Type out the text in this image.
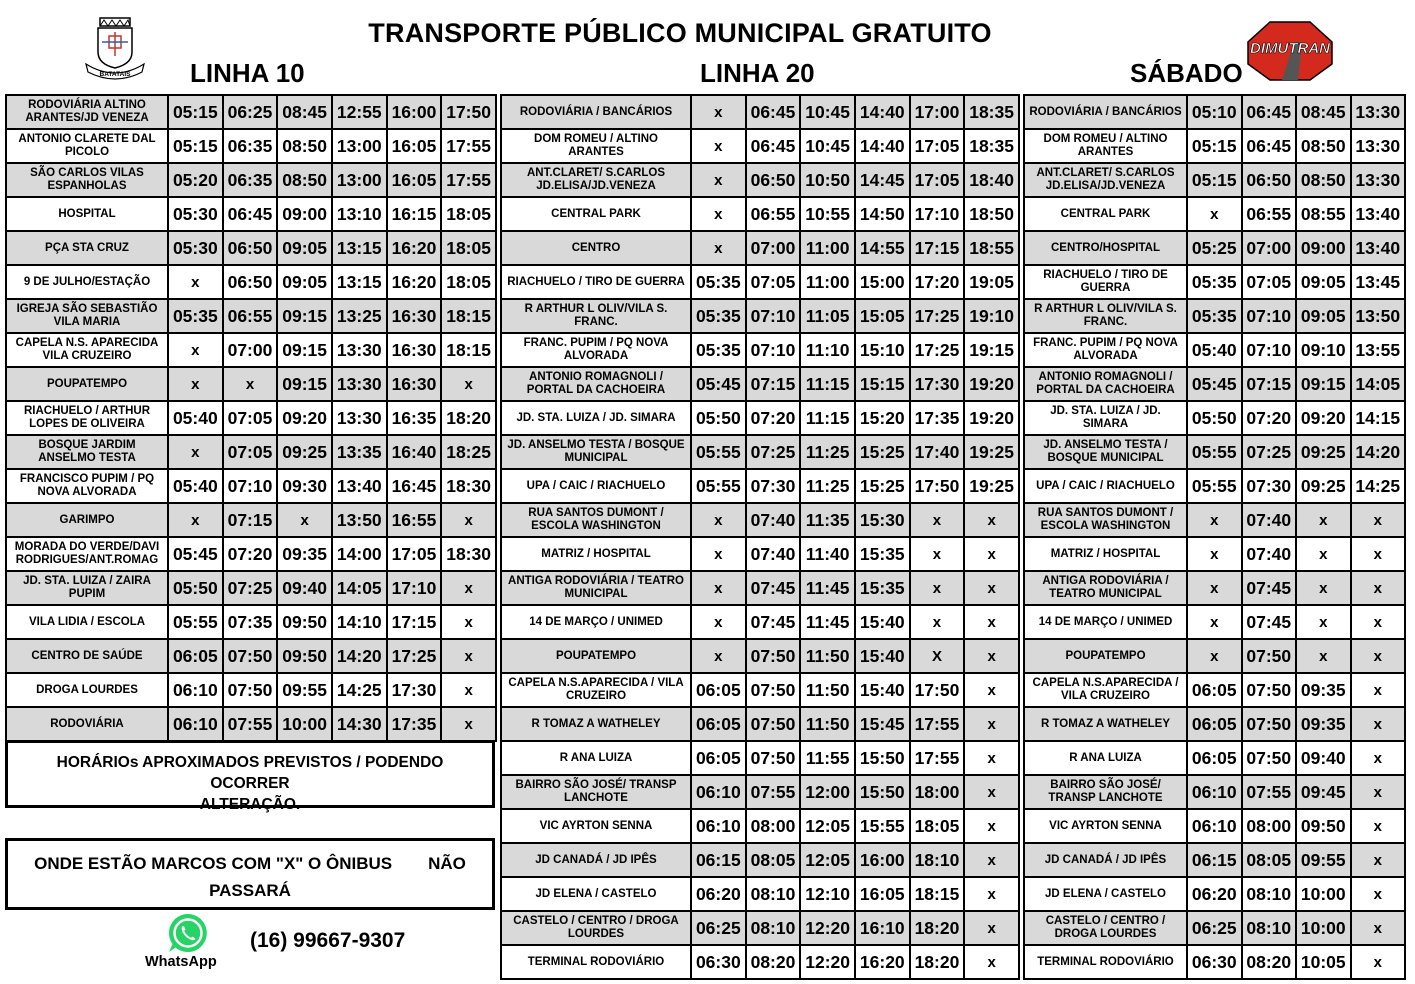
TRANSPORTE PÚBLICO MUNICIPAL GRATUITO
LINHA 10	LINHA 20	SÁBADO
BATATAIS
DIMUTRAN
RODOVIÁRIA ALTINO ARANTES/JD VENEZA	05:15	06:25	08:45	12:55	16:00	17:50
ANTONIO CLARETE DAL PICOLO	05:15	06:35	08:50	13:00	16:05	17:55
SÃO CARLOS VILAS ESPANHOLAS	05:20	06:35	08:50	13:00	16:05	17:55
HOSPITAL	05:30	06:45	09:00	13:10	16:15	18:05
PÇA STA CRUZ	05:30	06:50	09:05	13:15	16:20	18:05
9 DE JULHO/ESTAÇÃO	x	06:50	09:05	13:15	16:20	18:05
IGREJA SÃO SEBASTIÃO VILA MARIA	05:35	06:55	09:15	13:25	16:30	18:15
CAPELA N.S. APARECIDA VILA CRUZEIRO	x	07:00	09:15	13:30	16:30	18:15
POUPATEMPO	x	x	09:15	13:30	16:30	x
RIACHUELO / ARTHUR LOPES DE OLIVEIRA	05:40	07:05	09:20	13:30	16:35	18:20
BOSQUE JARDIM ANSELMO TESTA	x	07:05	09:25	13:35	16:40	18:25
FRANCISCO PUPIM / PQ NOVA ALVORADA	05:40	07:10	09:30	13:40	16:45	18:30
GARIMPO	x	07:15	x	13:50	16:55	x
MORADA DO VERDE/DAVI RODRIGUES/ANT.ROMAG	05:45	07:20	09:35	14:00	17:05	18:30
JD. STA. LUIZA / ZAIRA PUPIM	05:50	07:25	09:40	14:05	17:10	x
VILA LIDIA / ESCOLA	05:55	07:35	09:50	14:10	17:15	x
CENTRO DE SAÚDE	06:05	07:50	09:50	14:20	17:25	x
DROGA LOURDES	06:10	07:50	09:55	14:25	17:30	x
RODOVIÁRIA	06:10	07:55	10:00	14:30	17:35	x
RODOVIÁRIA / BANCÁRIOS	x	06:45	10:45	14:40	17:00	18:35
DOM ROMEU / ALTINO ARANTES	x	06:45	10:45	14:40	17:05	18:35
ANT.CLARET/ S.CARLOS JD.ELISA/JD.VENEZA	x	06:50	10:50	14:45	17:05	18:40
CENTRAL PARK	x	06:55	10:55	14:50	17:10	18:50
CENTRO	x	07:00	11:00	14:55	17:15	18:55
RIACHUELO / TIRO DE GUERRA	05:35	07:05	11:00	15:00	17:20	19:05
R ARTHUR L OLIV/VILA S. FRANC.	05:35	07:10	11:05	15:05	17:25	19:10
FRANC. PUPIM / PQ NOVA ALVORADA	05:35	07:10	11:10	15:10	17:25	19:15
ANTONIO ROMAGNOLI / PORTAL DA CACHOEIRA	05:45	07:15	11:15	15:15	17:30	19:20
JD. STA. LUIZA / JD. SIMARA	05:50	07:20	11:15	15:20	17:35	19:20
JD. ANSELMO TESTA / BOSQUE MUNICIPAL	05:55	07:25	11:25	15:25	17:40	19:25
UPA / CAIC / RIACHUELO	05:55	07:30	11:25	15:25	17:50	19:25
RUA SANTOS DUMONT / ESCOLA WASHINGTON	x	07:40	11:35	15:30	x	x
MATRIZ / HOSPITAL	x	07:40	11:40	15:35	x	x
ANTIGA RODOVIÁRIA / TEATRO MUNICIPAL	x	07:45	11:45	15:35	x	x
14 DE MARÇO / UNIMED	x	07:45	11:45	15:40	x	x
POUPATEMPO	x	07:50	11:50	15:40	X	x
CAPELA N.S.APARECIDA / VILA CRUZEIRO	06:05	07:50	11:50	15:40	17:50	x
R TOMAZ A WATHELEY	06:05	07:50	11:50	15:45	17:55	x
R ANA LUIZA	06:05	07:50	11:55	15:50	17:55	x
BAIRRO SÃO JOSÉ/ TRANSP LANCHOTE	06:10	07:55	12:00	15:50	18:00	x
VIC AYRTON SENNA	06:10	08:00	12:05	15:55	18:05	x
JD CANADÁ / JD IPÊS	06:15	08:05	12:05	16:00	18:10	x
JD ELENA / CASTELO	06:20	08:10	12:10	16:05	18:15	x
CASTELO / CENTRO / DROGA LOURDES	06:25	08:10	12:20	16:10	18:20	x
TERMINAL RODOVIÁRIO	06:30	08:20	12:20	16:20	18:20	x
RODOVIÁRIA / BANCÁRIOS	05:10	06:45	08:45	13:30
DOM ROMEU / ALTINO ARANTES	05:15	06:45	08:50	13:30
ANT.CLARET/ S.CARLOS JD.ELISA/JD.VENEZA	05:15	06:50	08:50	13:30
CENTRAL PARK	x	06:55	08:55	13:40
CENTRO/HOSPITAL	05:25	07:00	09:00	13:40
RIACHUELO / TIRO DE GUERRA	05:35	07:05	09:05	13:45
R ARTHUR L OLIV/VILA S. FRANC.	05:35	07:10	09:05	13:50
FRANC. PUPIM / PQ NOVA ALVORADA	05:40	07:10	09:10	13:55
ANTONIO ROMAGNOLI / PORTAL DA CACHOEIRA	05:45	07:15	09:15	14:05
JD. STA. LUIZA / JD. SIMARA	05:50	07:20	09:20	14:15
JD. ANSELMO TESTA / BOSQUE MUNICIPAL	05:55	07:25	09:25	14:20
UPA / CAIC / RIACHUELO	05:55	07:30	09:25	14:25
RUA SANTOS DUMONT / ESCOLA WASHINGTON	x	07:40	x	x
MATRIZ / HOSPITAL	x	07:40	x	x
ANTIGA RODOVIÁRIA / TEATRO MUNICIPAL	x	07:45	x	x
14 DE MARÇO / UNIMED	x	07:45	x	x
POUPATEMPO	x	07:50	x	x
CAPELA N.S.APARECIDA / VILA CRUZEIRO	06:05	07:50	09:35	x
R TOMAZ A WATHELEY	06:05	07:50	09:35	x
R ANA LUIZA	06:05	07:50	09:40	x
BAIRRO SÃO JOSÉ/ TRANSP LANCHOTE	06:10	07:55	09:45	x
VIC AYRTON SENNA	06:10	08:00	09:50	x
JD CANADÁ / JD IPÊS	06:15	08:05	09:55	x
JD ELENA / CASTELO	06:20	08:10	10:00	x
CASTELO / CENTRO / DROGA LOURDES	06:25	08:10	10:00	x
TERMINAL RODOVIÁRIO	06:30	08:20	10:05	x
HORÁRIOs APROXIMADOS PREVISTOS / PODENDO OCORRER
ALTERAÇÃO.
ONDE ESTÃO MARCOS COM "X" O ÔNIBUS NÃO
PASSARÁ
WhatsApp
(16) 99667-9307
